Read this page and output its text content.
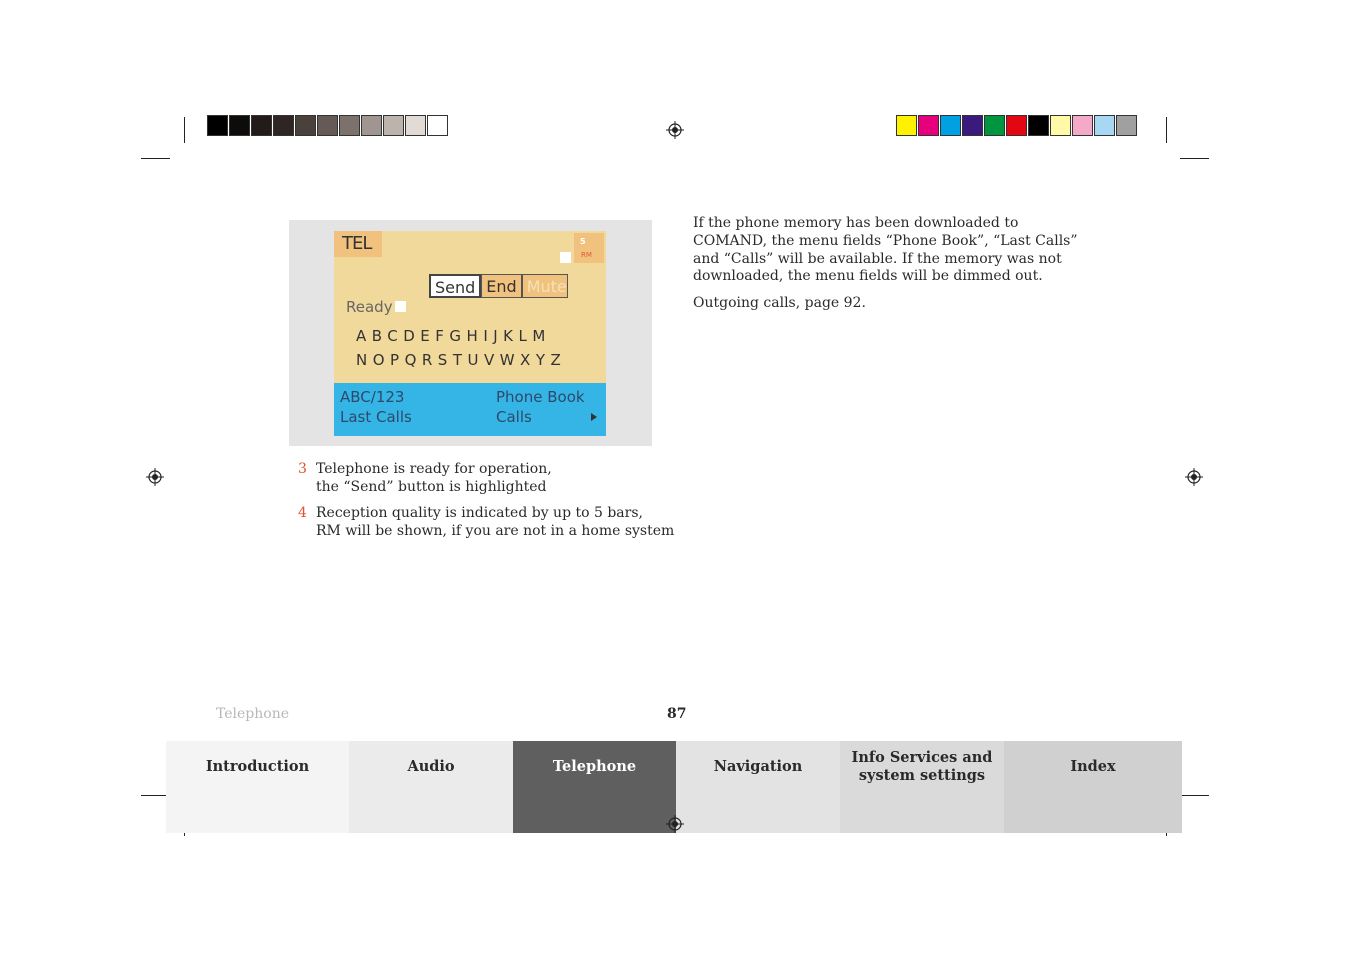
TEL	5
RM
Send End Mute
Ready
ABCDEFGHIJKLM
NOPQRSTUVWXYZ
ABC/123
Last Calls
Phone Book
Calls
3 Telephone is ready for operation,
the “Send” button is highlighted
4 Reception quality is indicated by up to 5 bars,
RM will be shown, if you are not in a home system
If the phone memory has been downloaded to
COMAND, the menu fields “Phone Book”, “Last Calls”
and “Calls” will be available. If the memory was not
downloaded, the menu fields will be dimmed out.
Outgoing calls, page 92.
Telephone	87
Introduction	Audio	Telephone	Navigation
Info Services and system settings
Index
